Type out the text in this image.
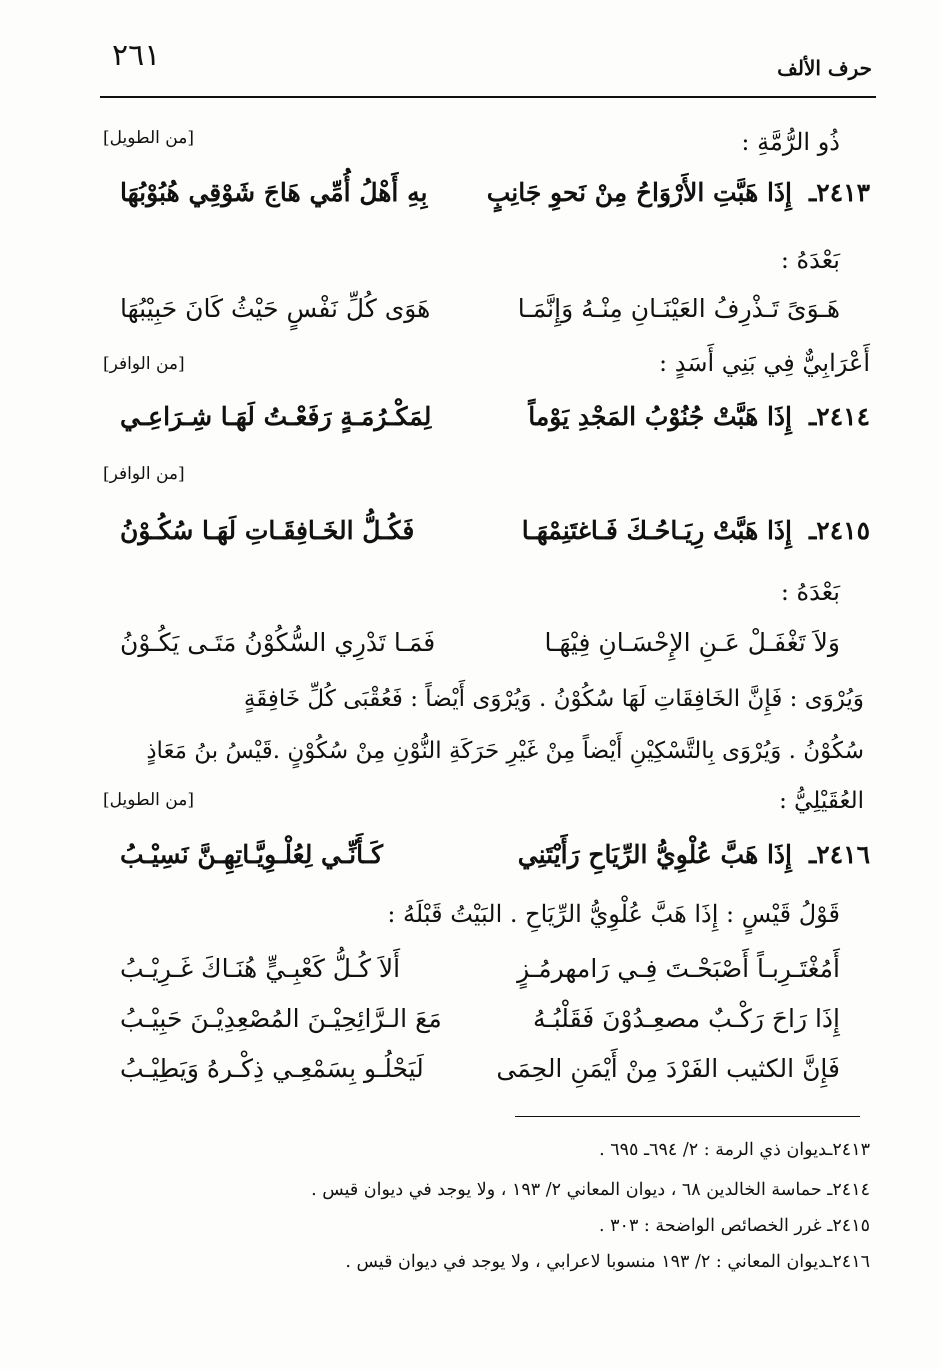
٢٦١	حرف الألف
ذُو الرُّمَّةِ :
[من الطويل]
٢٤١٣ـ
إِذَا هَبَّتِ الأَرْوَاحُ مِنْ نَحوِ جَانِبٍ
بِهِ أَهْلُ أُمِّي هَاجَ شَوْقِي هُبُوْبُهَا
بَعْدَهُ :
هَـوَىً تَـذْرِفُ العَيْنَـانِ مِنْـهُ وَإِنَّمَـا
هَوَى كُلِّ نَفْسٍ حَيْثُ كَانَ حَبِيْبُهَا
أَعْرَابِيٌّ فِي بَنِي أَسَدٍ :
[من الوافر]
٢٤١٤ـ
إِذَا هَبَّتْ جُنُوْبُ المَجْدِ يَوْماً
لِمَكْـرُمَـةٍ رَفَعْـتُ لَهَـا شِـرَاعِـي
[من الوافر]
٢٤١٥ـ
إِذَا هَبَّتْ رِيَـاحُـكَ فَـاغتَنِمْهَـا
فَكُـلُّ الخَـافِقَـاتِ لَهَـا سُكُـوْنُ
بَعْدَهُ :
وَلاَ تَغْفَـلْ عَـنِ الإِحْسَـانِ فِيْهَـا
فَمَـا تَدْرِي السُّكُوْنُ مَتَـى يَكُـوْنُ
وَيُرْوَى : فَإِنَّ الخَافِقَاتِ لَهَا سُكُوْنُ . وَيُرْوَى أَيْضاً : فَعُقْبَى كُلِّ خَافِقَةٍ
سُكُوْنُ . وَيُرْوَى بِالتَّسْكِيْنِ أَيْضاً مِنْ غَيْرِ حَرَكَةِ النُّوْنِ مِنْ سُكُوْنٍ .قَيْسُ بنُ مَعَاذٍ
العُقَيْلِيُّ :
[من الطويل]
٢٤١٦ـ
إِذَا هَبَّ عُلْوِيُّ الرِّيَاحِ رَأَيْتَنِي
كَـأَنِّـي لِعُلْـوِيَّـاتِهِـنَّ نَسِيْـبُ
قَوْلُ قَيْسٍ : إِذَا هَبَّ عُلْوِيُّ الرِّيَاحِ . البَيْتُ قَبْلَهُ :
أَمُغْتَـرِبـاً أَصْبَحْـتَ فِـي رَامهرمُـزٍ
أَلاَ كُـلُّ كَعْبِـيٍّ هُنَـاكَ غَـرِيْـبُ
إِذَا رَاحَ رَكْـبٌ مصعِـدُوْنَ فَقَلْبُـهُ
مَعَ الـرَّائِحِيْـنَ المُصْعِدِيْـنَ حَبِيْـبُ
فَإِنَّ الكثيب الفَرْدَ مِنْ أَيْمَنِ الحِمَى
لَيَحْلُـو بِسَمْعِـي ذِكْـرهُ وَيَطِيْـبُ
٢٤١٣ـديوان ذي الرمة : ٢/ ٦٩٤ـ ٦٩٥ .
٢٤١٤ـ حماسة الخالدين ٦٨ ، ديوان المعاني ٢/ ١٩٣ ، ولا يوجد في ديوان قيس .
٢٤١٥ـ غرر الخصائص الواضحة : ٣٠٣ .
٢٤١٦ـديوان المعاني : ٢/ ١٩٣ منسوبا لاعرابي ، ولا يوجد في ديوان قيس .
